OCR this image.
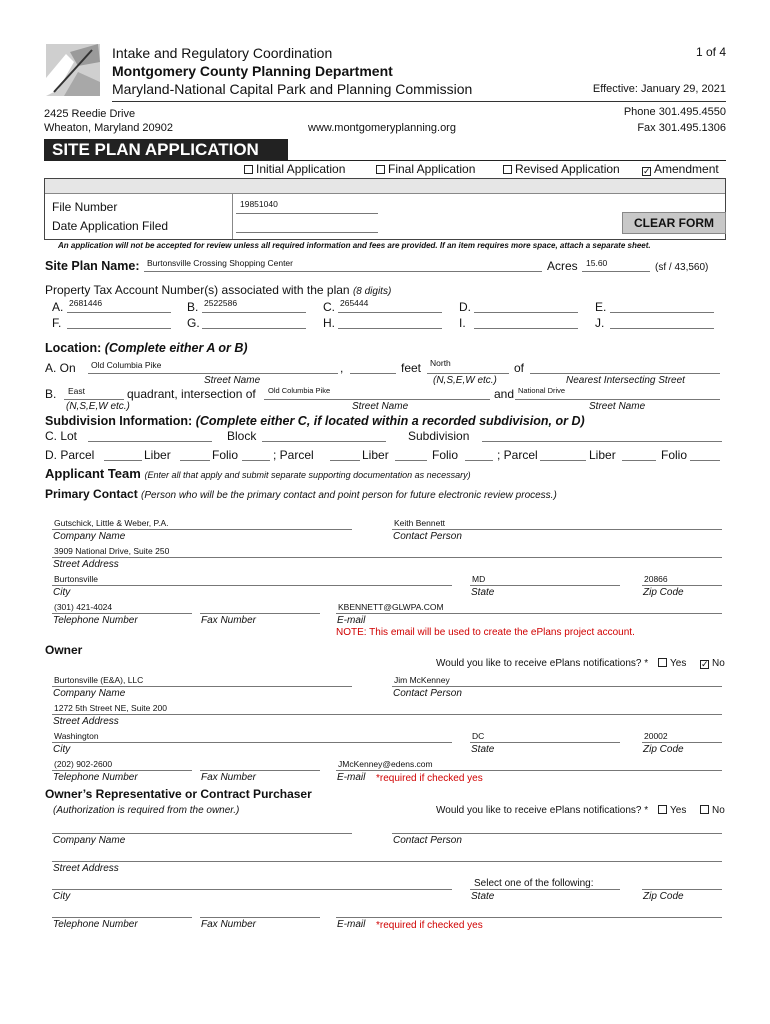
Intake and Regulatory Coordination
Montgomery County Planning Department
Maryland-National Capital Park and Planning Commission
1 of 4
Effective: January 29, 2021
2425 Reedie Drive
Wheaton, Maryland 20902	www.montgomeryplanning.org
Phone 301.495.4550
Fax 301.495.1306
SITE PLAN APPLICATION
Initial Application	Final Application	Revised Application	✓ Amendment
File Number	19851040
Date Application Filed	CLEAR FORM
An application will not be accepted for review unless all required information and fees are provided. If an item requires more space, attach a separate sheet.
Site Plan Name: Burtonsville Crossing Shopping Center	Acres 15.60	(sf / 43,560)
Property Tax Account Number(s) associated with the plan (8 digits)
Location: (Complete either A or B)
A. On Old Columbia Pike	,	feet North	of
Street Name	(N,S,E,W etc.)	Nearest Intersecting Street
B. East	quadrant, intersection of Old Columbia Pike	and National Drive
(N,S,E,W etc.)	Street Name	Street Name
Subdivision Information: (Complete either C, if located within a recorded subdivision, or D)
C. Lot	Block	Subdivision
Applicant Team (Enter all that apply and submit separate supporting documentation as necessary)
Primary Contact (Person who will be the primary contact and point person for future electronic review process.)
Owner
Owner’s Representative or Contract Purchaser
(Authorization is required from the owner.)
NOTE: This email will be used to create the ePlans project account.
A. 2681446	B. 2522586	C. 265444	D.	E.
F.	G.	H.	I.	J.
D. Parcel	Liber	Folio	; Parcel	Liber	Folio	; Parcel	Liber	Folio
Gutschick, Little & Weber, P.A.
Company Name
Keith Bennett
Contact Person
3909 National Drive, Suite 250
Street Address
Burtonsville
City
MD
State
20866
Zip Code
(301) 421-4024
Telephone Number	Fax Number
KBENNETT@GLWPA.COM
E-mail
Would you like to receive ePlans notifications? *	Yes ✓ No
Burtonsville (E&A), LLC
Company Name
Jim McKenney
Contact Person
1272 5th Street NE, Suite 200
Street Address
Washington
City
DC
State
20002
Zip Code
(202) 902-2600
Telephone Number	Fax Number
JMcKenney@edens.com
E-mail *required if checked yes
Would you like to receive ePlans notifications? *	Yes	No
Company Name	Contact Person
Street Address
City	State	Zip Code
Telephone Number	Fax Number	E-mail *required if checked yes
Select one of the following:
